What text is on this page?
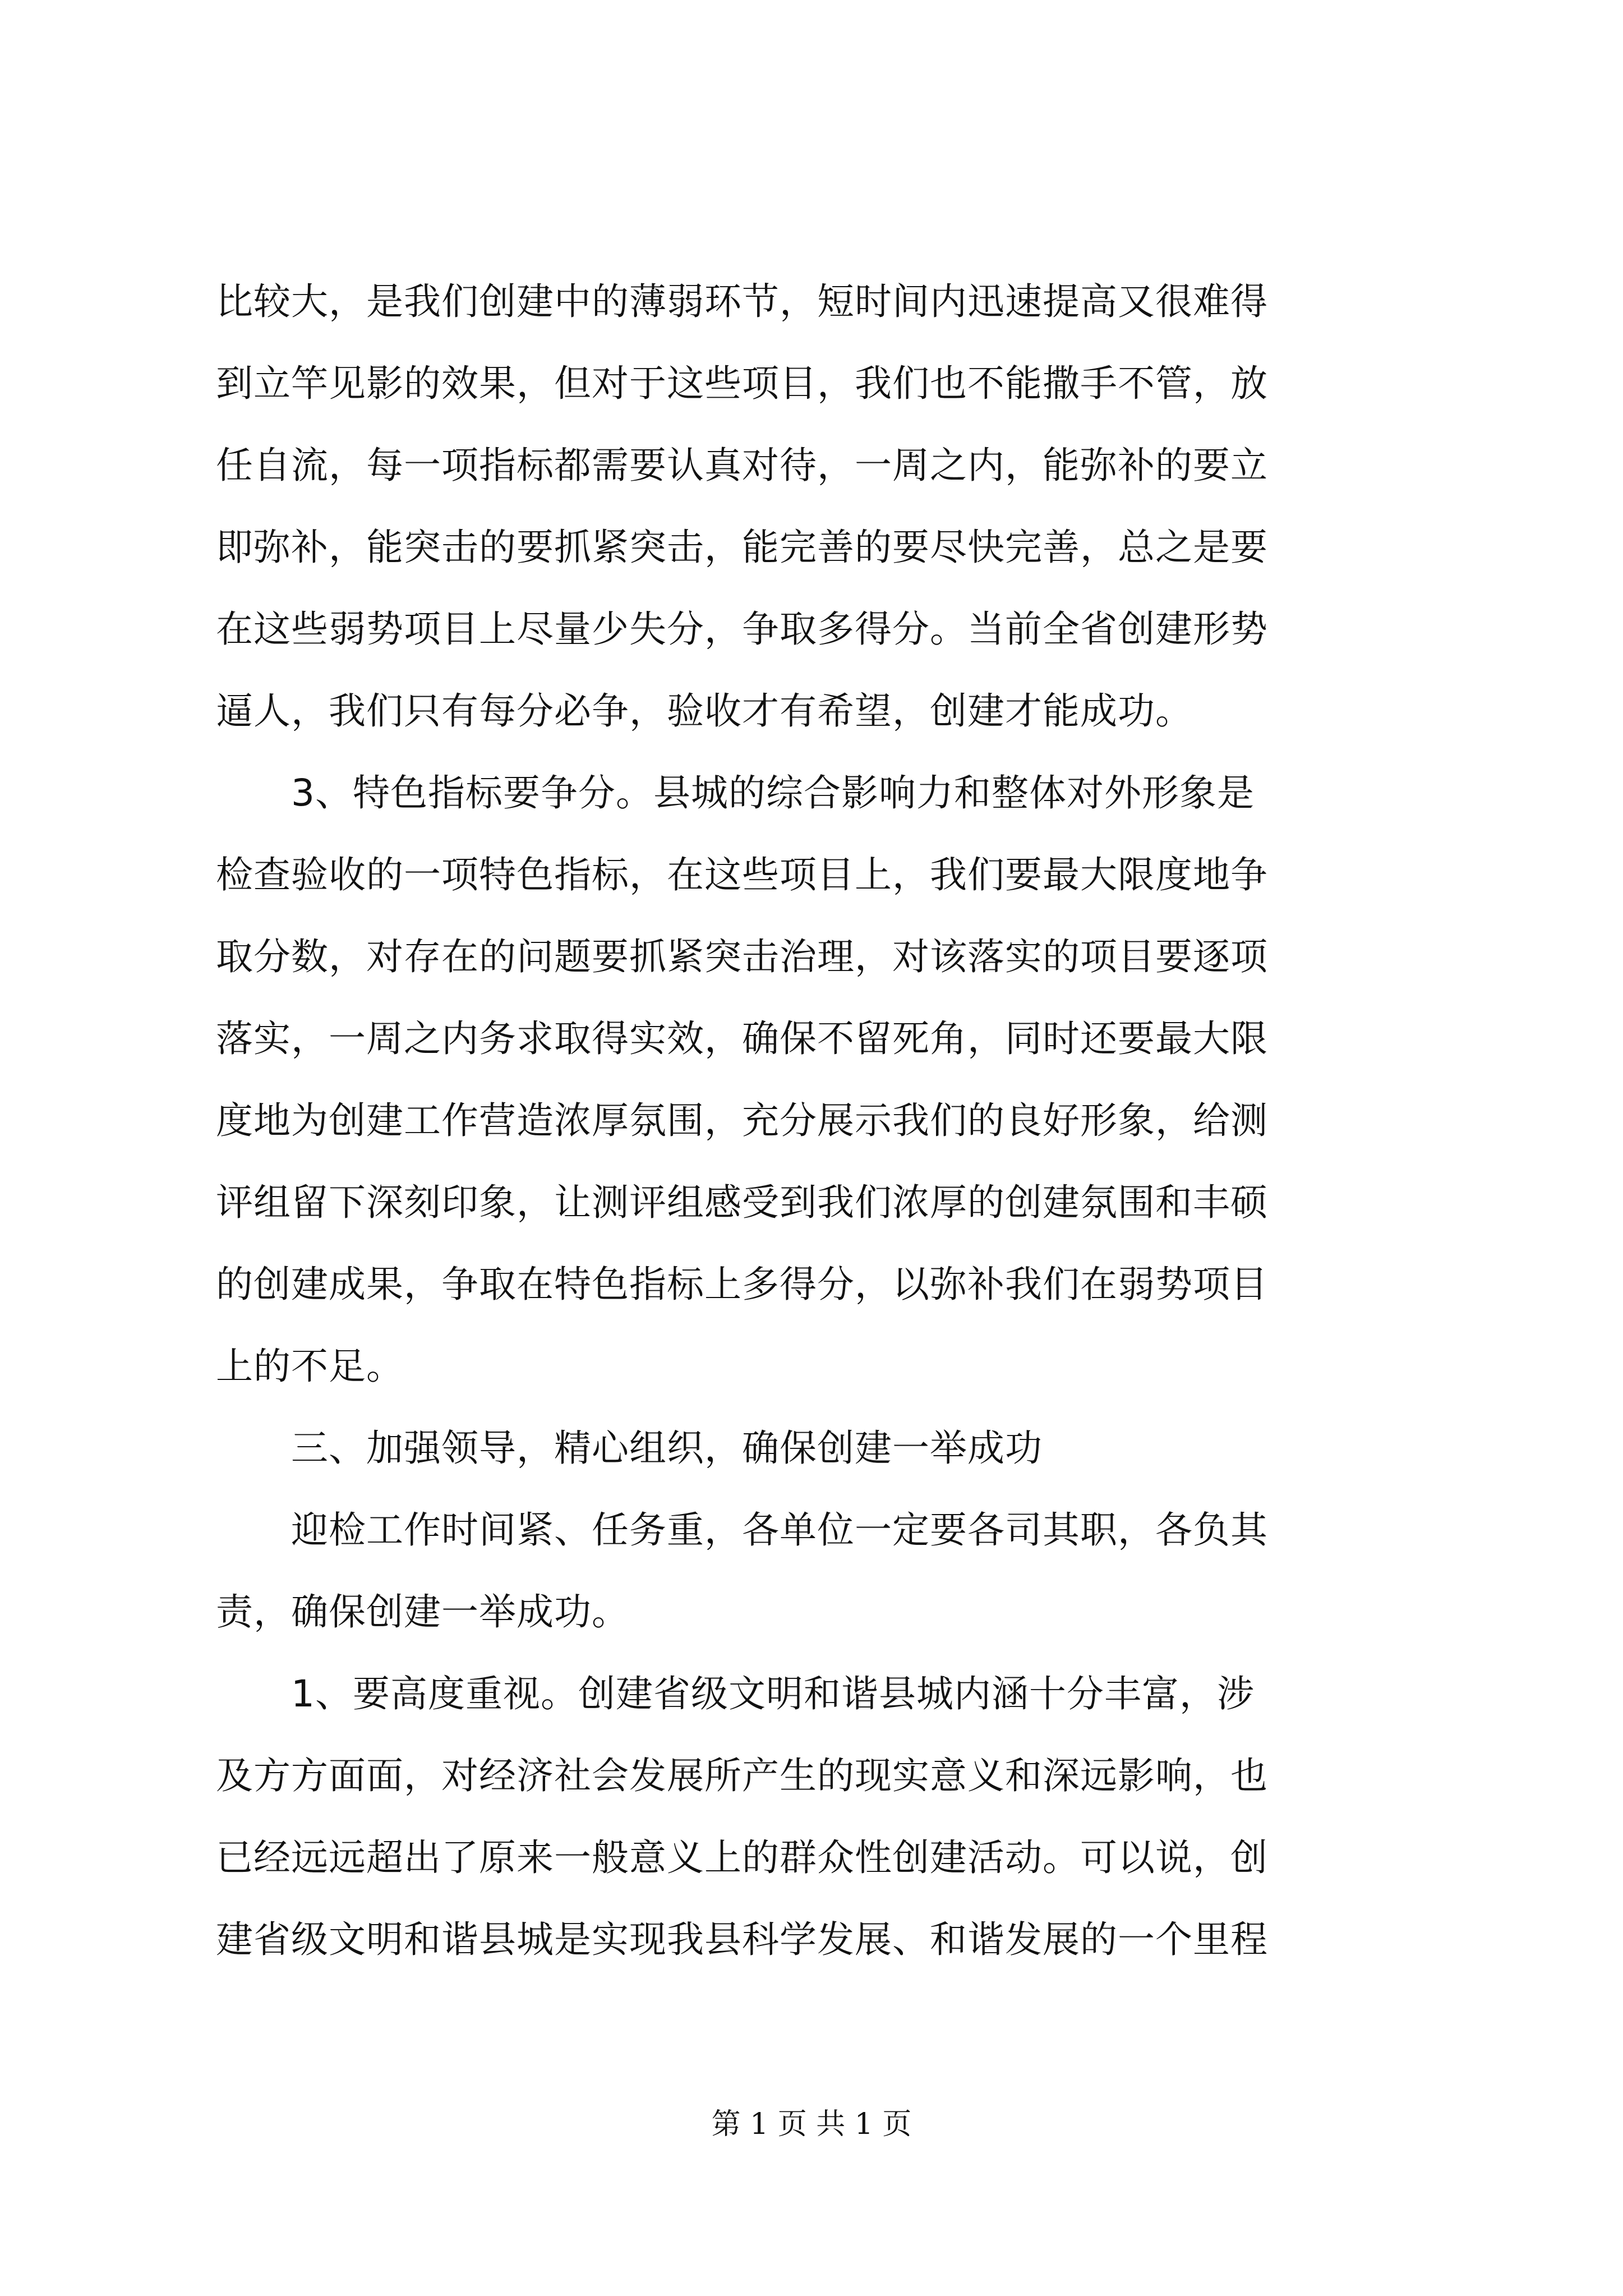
比较大，是我们创建中的薄弱环节，短时间内迅速提高又很难得
到立竿见影的效果，但对于这些项目，我们也不能撒手不管，放
任自流，每一项指标都需要认真对待，一周之内，能弥补的要立
即弥补，能突击的要抓紧突击，能完善的要尽快完善，总之是要
在这些弱势项目上尽量少失分，争取多得分。当前全省创建形势
逼人，我们只有每分必争，验收才有希望，创建才能成功。
3、特色指标要争分。县城的综合影响力和整体对外形象是
检查验收的一项特色指标，在这些项目上，我们要最大限度地争
取分数，对存在的问题要抓紧突击治理，对该落实的项目要逐项
落实，一周之内务求取得实效，确保不留死角，同时还要最大限
度地为创建工作营造浓厚氛围，充分展示我们的良好形象，给测
评组留下深刻印象，让测评组感受到我们浓厚的创建氛围和丰硕
的创建成果，争取在特色指标上多得分，以弥补我们在弱势项目
上的不足。
三、加强领导，精心组织，确保创建一举成功
迎检工作时间紧、任务重，各单位一定要各司其职，各负其
责，确保创建一举成功。
1、要高度重视。创建省级文明和谐县城内涵十分丰富，涉
及方方面面，对经济社会发展所产生的现实意义和深远影响，也
已经远远超出了原来一般意义上的群众性创建活动。可以说，创
建省级文明和谐县城是实现我县科学发展、和谐发展的一个里程
第 1 页 共 1 页
